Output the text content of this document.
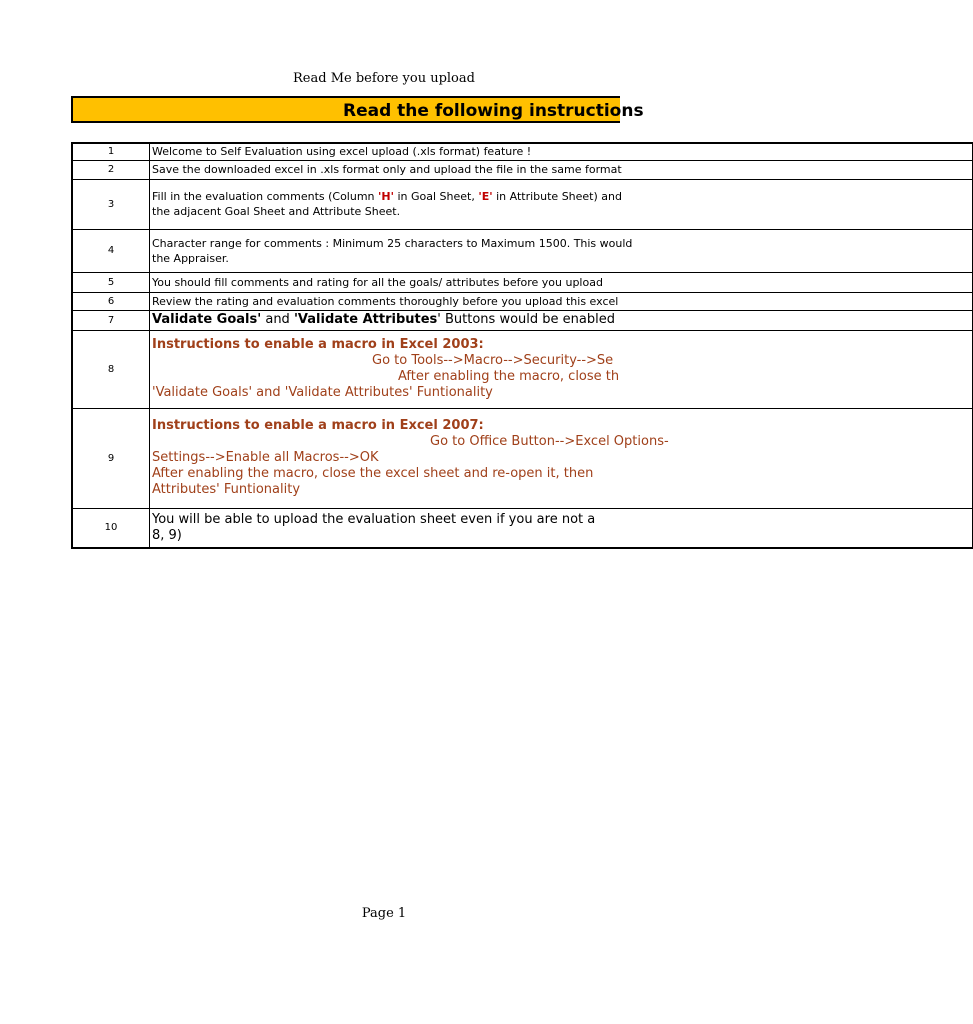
Read Me before you upload
Read the following instructions
1	Welcome to Self Evaluation using excel upload (.xls format) feature !
2	Save the downloaded excel in .xls format only and upload the file in the same format
3	Fill in the evaluation comments (Column 'H' in Goal Sheet, 'E' in Attribute Sheet) and
the adjacent Goal Sheet and Attribute Sheet.

4	Character range for comments : Minimum 25 characters to Maximum 1500. This would
the Appraiser.

5	You should fill comments and rating for all the goals/ attributes before you upload
6	Review the rating and evaluation comments thoroughly before you upload this excel
7	Validate Goals' and 'Validate Attributes' Buttons would be enabled
8	Instructions to enable a macro in Excel 2003:
Go to Tools-->Macro-->Security-->Se
After enabling the macro, close th
'Validate Goals' and 'Validate Attributes' Funtionality

9	Instructions to enable a macro in Excel 2007:
Go to Office Button-->Excel Options-
Settings-->Enable all Macros-->OK
After enabling the macro, close the excel sheet and re-open it, then
Attributes' Funtionality

10	You will be able to upload the evaluation sheet even if you are not a
8, 9)
Page 1
